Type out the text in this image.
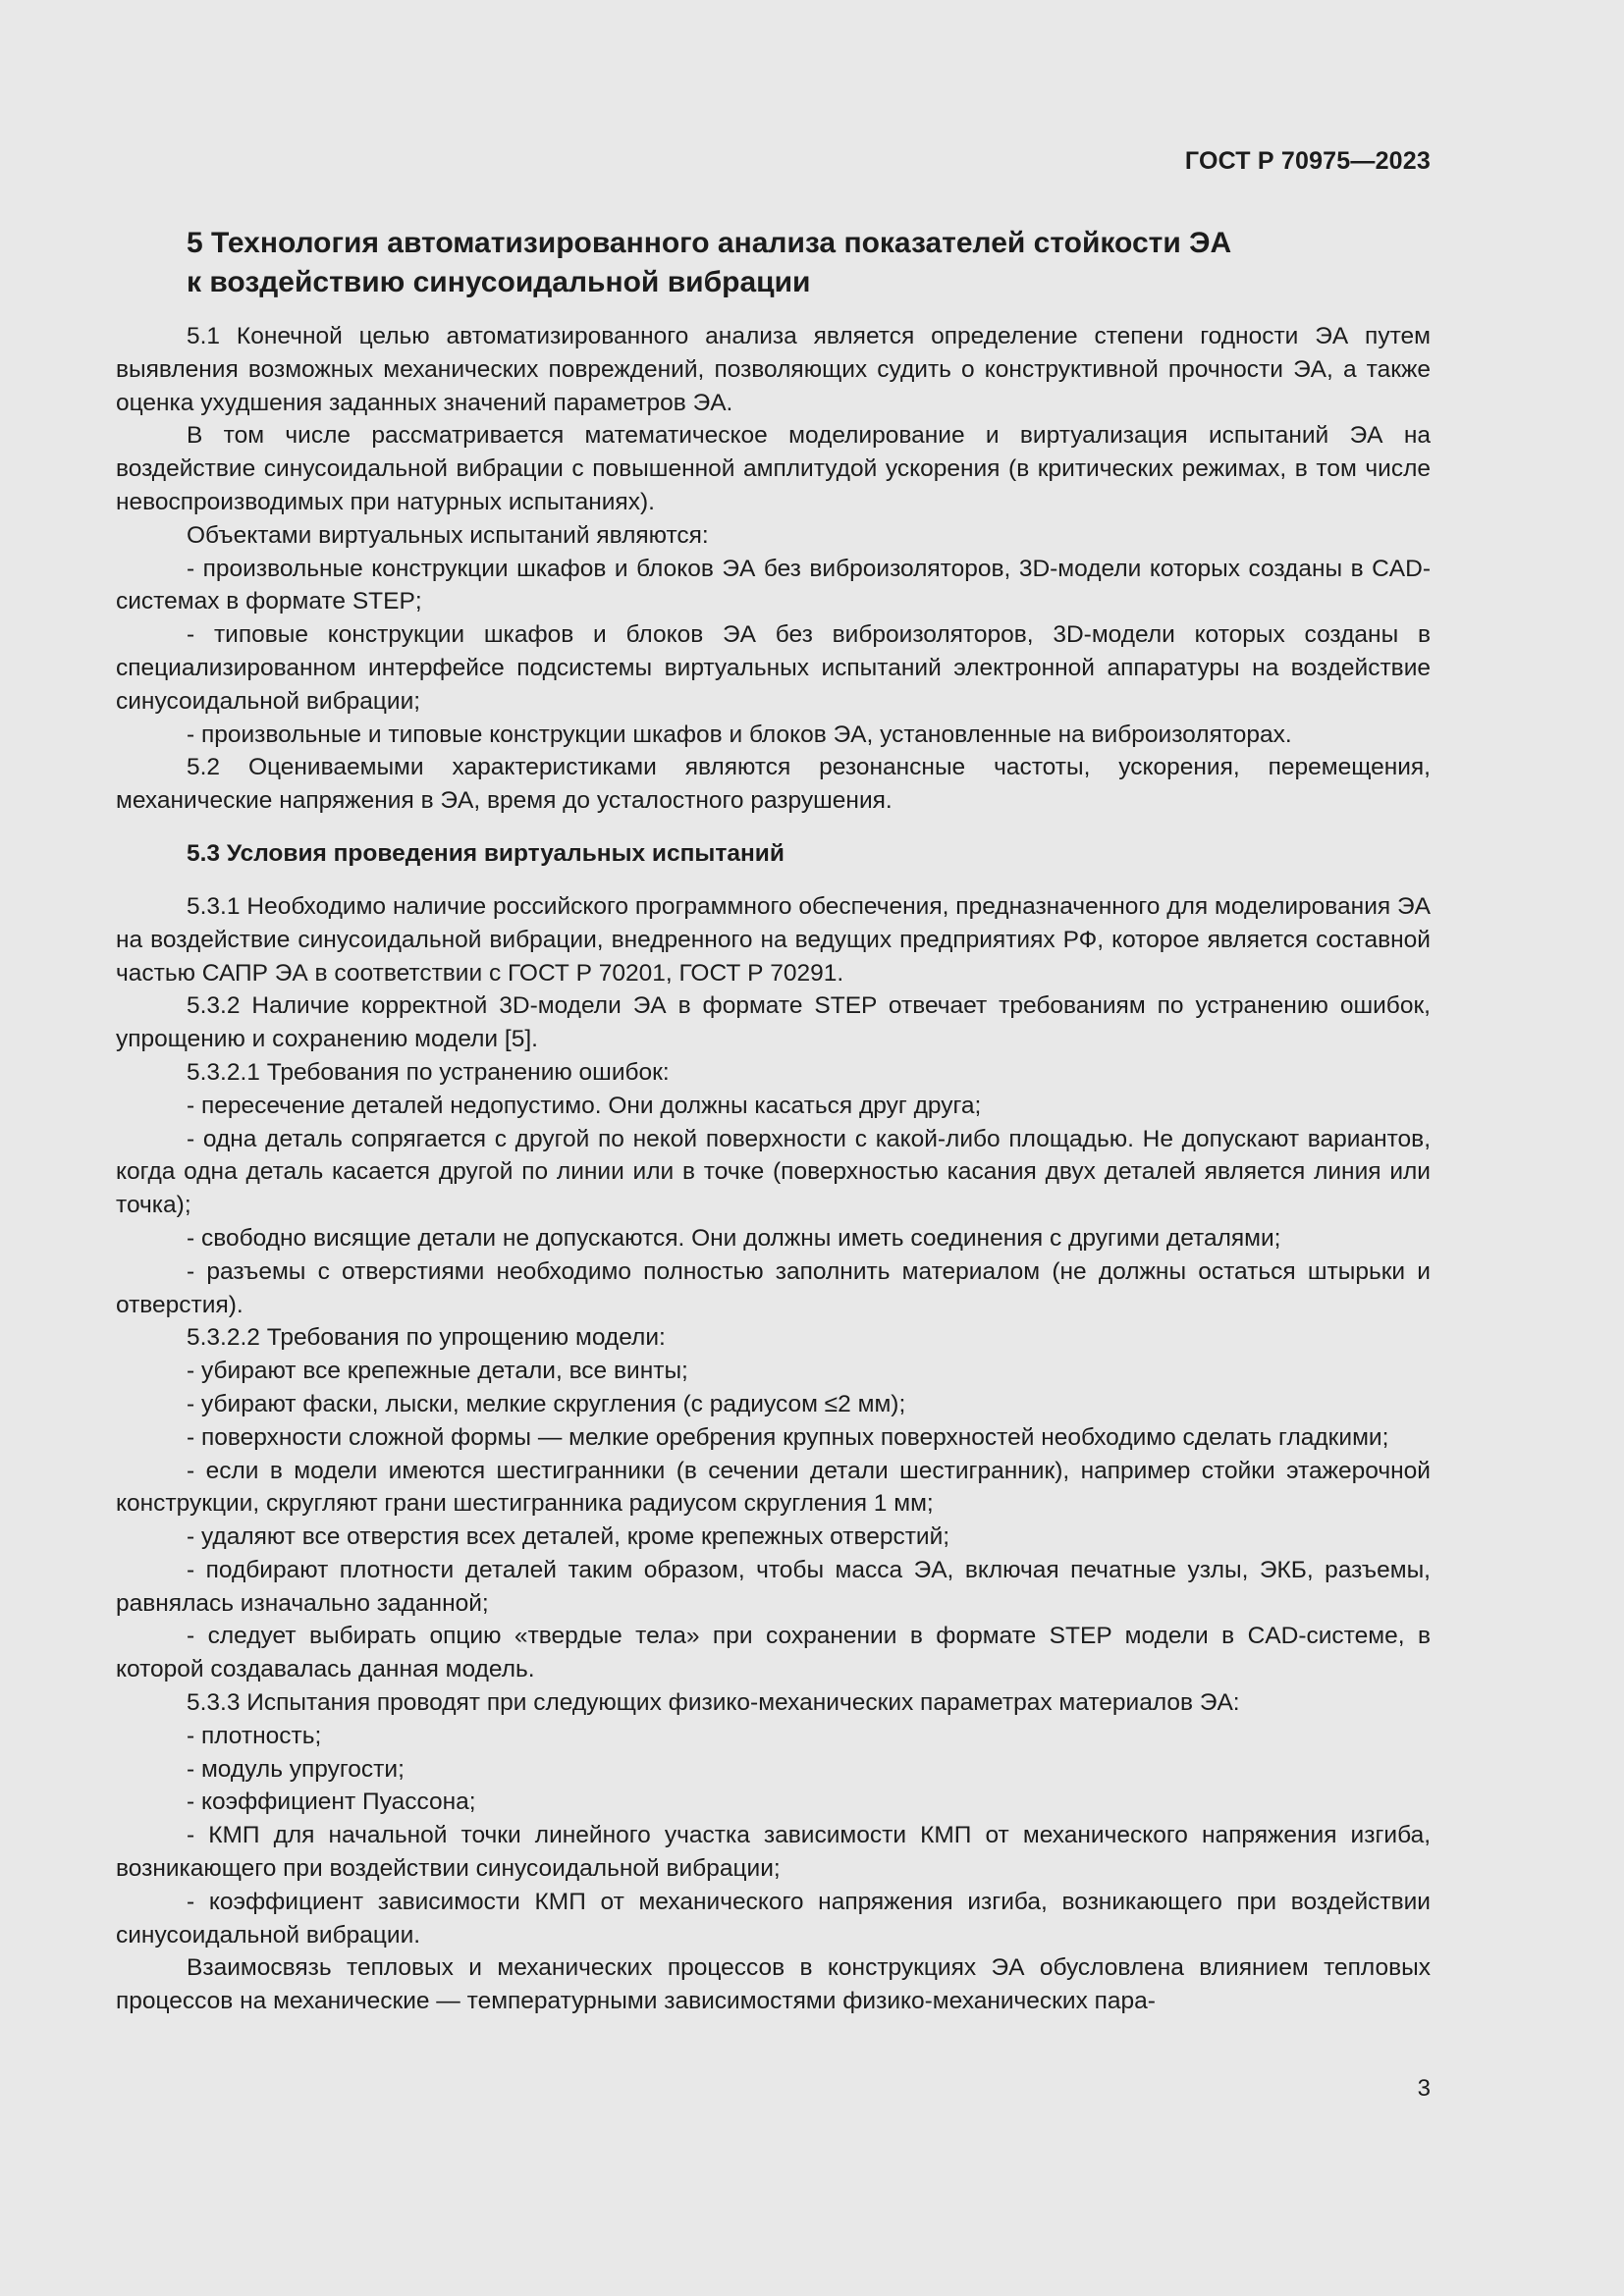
ГОСТ Р 70975—2023
5 Технология автоматизированного анализа показателей стойкости ЭА
к воздействию синусоидальной вибрации

5.1 Конечной целью автоматизированного анализа является определение степени годности ЭА путем выявления возможных механических повреждений, позволяющих судить о конструктивной прочности ЭА, а также оценка ухудшения заданных значений параметров ЭА.

В том числе рассматривается математическое моделирование и виртуализация испытаний ЭА на воздействие синусоидальной вибрации с повышенной амплитудой ускорения (в критических режимах, в том числе невоспроизводимых при натурных испытаниях).

Объектами виртуальных испытаний являются:

- произвольные конструкции шкафов и блоков ЭА без виброизоляторов, 3D-модели которых созданы в CAD-системах в формате STEP;

- типовые конструкции шкафов и блоков ЭА без виброизоляторов, 3D-модели которых созданы в специализированном интерфейсе подсистемы виртуальных испытаний электронной аппаратуры на воздействие синусоидальной вибрации;

- произвольные и типовые конструкции шкафов и блоков ЭА, установленные на виброизоляторах.

5.2 Оцениваемыми характеристиками являются резонансные частоты, ускорения, перемещения, механические напряжения в ЭА, время до усталостного разрушения.

5.3 Условия проведения виртуальных испытаний

5.3.1 Необходимо наличие российского программного обеспечения, предназначенного для моделирования ЭА на воздействие синусоидальной вибрации, внедренного на ведущих предприятиях РФ, которое является составной частью САПР ЭА в соответствии с ГОСТ Р 70201, ГОСТ Р 70291.

5.3.2 Наличие корректной 3D-модели ЭА в формате STEP отвечает требованиям по устранению ошибок, упрощению и сохранению модели [5].

5.3.2.1 Требования по устранению ошибок:

- пересечение деталей недопустимо. Они должны касаться друг друга;

- одна деталь сопрягается с другой по некой поверхности с какой-либо площадью. Не допускают вариантов, когда одна деталь касается другой по линии или в точке (поверхностью касания двух деталей является линия или точка);

- свободно висящие детали не допускаются. Они должны иметь соединения с другими деталями;

- разъемы с отверстиями необходимо полностью заполнить материалом (не должны остаться штырьки и отверстия).

5.3.2.2 Требования по упрощению модели:

- убирают все крепежные детали, все винты;

- убирают фаски, лыски, мелкие скругления (с радиусом ≤2 мм);

- поверхности сложной формы — мелкие оребрения крупных поверхностей необходимо сделать гладкими;

- если в модели имеются шестигранники (в сечении детали шестигранник), например стойки этажерочной конструкции, скругляют грани шестигранника радиусом скругления 1 мм;

- удаляют все отверстия всех деталей, кроме крепежных отверстий;

- подбирают плотности деталей таким образом, чтобы масса ЭА, включая печатные узлы, ЭКБ, разъемы, равнялась изначально заданной;

- следует выбирать опцию «твердые тела» при сохранении в формате STEP модели в CAD-системе, в которой создавалась данная модель.

5.3.3 Испытания проводят при следующих физико-механических параметрах материалов ЭА:

- плотность;

- модуль упругости;

- коэффициент Пуассона;

- КМП для начальной точки линейного участка зависимости КМП от механического напряжения изгиба, возникающего при воздействии синусоидальной вибрации;

- коэффициент зависимости КМП от механического напряжения изгиба, возникающего при воздействии синусоидальной вибрации.

Взаимосвязь тепловых и механических процессов в конструкциях ЭА обусловлена влиянием тепловых процессов на механические — температурными зависимостями физико-механических пара-

3
